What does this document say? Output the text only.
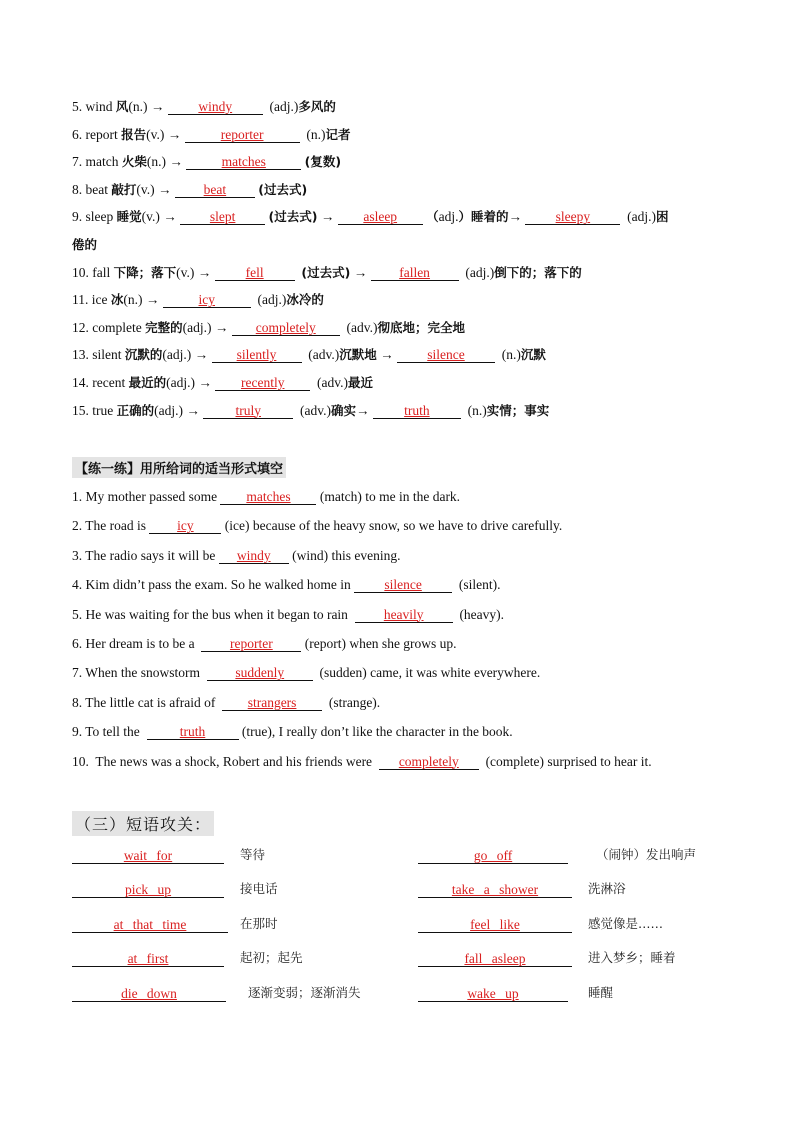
5. wind 风(n.) → windy  (adj.)多风的
6. report 报告(v.) →	reporter	(n.)记者
7. match 火柴(n.) →	matches	(复数)
8. beat 敲打(v.) → beat	(过去式)
9. sleep 睡觉(v.) → slept	(过去式) → asleep （adj.）睡着的→ sleepy  (adj.)困
倦的
10. fall 下降；落下(v.) → fell	(过去式) → fallen  (adj.)倒下的；落下的
11. ice 冰(n.) →	icy	(adj.)冰冷的
12. complete 完整的(adj.) → completely  (adv.)彻底地；完全地
13. silent 沉默的(adj.) → silently  (adv.)沉默地 → silence  (n.)沉默
14. recent 最近的(adj.) → recently  (adv.)最近
15. true 正确的(adj.) → truly  (adv.)确实→ truth  (n.)实情；事实
【练一练】用所给词的适当形式填空
1. My mother passed some matches (match) to me in the dark.
2. The road is icy (ice) because of the heavy snow, so we have to drive carefully.
3. The radio says it will be windy (wind) this evening.
4. Kim didn’t pass the exam. So he walked home in silence  (silent).
5. He was waiting for the bus when it began to rain  heavily  (heavy).
6. Her dream is to be a  reporter (report) when she grows up.
7. When the snowstorm  suddenly  (sudden) came, it was white everywhere.
8. The little cat is afraid of  strangers  (strange).
9. To tell the  truth (true), I really don’t like the character in the book.
10.  The news was a shock, Robert and his friends were  completely  (complete) surprised to hear it.
（三）短语攻关：
wait for	等待	go off	（闹钟）发出响声
pick up	接电话	take a shower	洗淋浴
at that time	在那时	feel like	感觉像是……
at first	起初；起先	fall asleep	进入梦乡；睡着
die down	逐渐变弱；逐渐消失	wake up	睡醒
